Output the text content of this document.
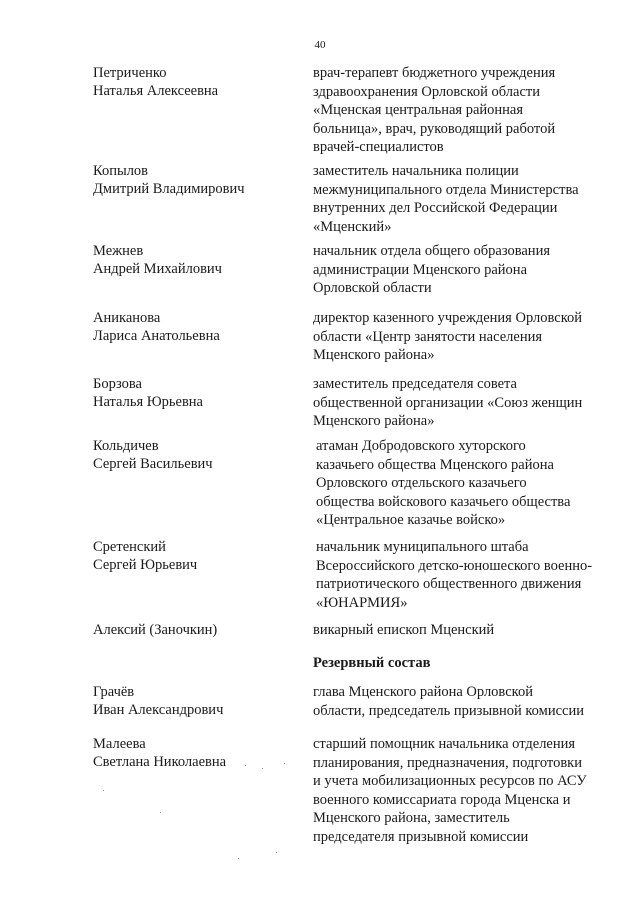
40
Петриченко
Наталья Алексеевна
врач-терапевт бюджетного учреждения
здравоохранения Орловской области
«Мценская центральная районная
больница», врач, руководящий работой
врачей-специалистов
Копылов
Дмитрий Владимирович
заместитель начальника полиции
межмуниципального отдела Министерства
внутренних дел Российской Федерации
«Мценский»
Межнев
Андрей Михайлович
начальник отдела общего образования
администрации Мценского района
Орловской области
Аниканова
Лариса Анатольевна
директор казенного учреждения Орловской
области «Центр занятости населения
Мценского района»
Борзова
Наталья Юрьевна
заместитель председателя совета
общественной организации «Союз женщин
Мценского района»
Кольдичев
Сергей Васильевич
атаман Добродовского хуторского
казачьего общества Мценского района
Орловского отдельского казачьего
общества войскового казачьего общества
«Центральное казачье войско»
Сретенский
Сергей Юрьевич
начальник муниципального штаба
Всероссийского детско-юношеского военно-
патриотического общественного движения
«ЮНАРМИЯ»
Алексий (Заночкин)	викарный епископ Мценский
Резервный состав
Грачёв
Иван Александрович
глава Мценского района Орловской
области, председатель призывной комиссии
Малеева
Светлана Николаевна
старший помощник начальника отделения
планирования, предназначения, подготовки
и учета мобилизационных ресурсов по АСУ
военного комиссариата города Мценска и
Мценского района, заместитель
председателя призывной комиссии
